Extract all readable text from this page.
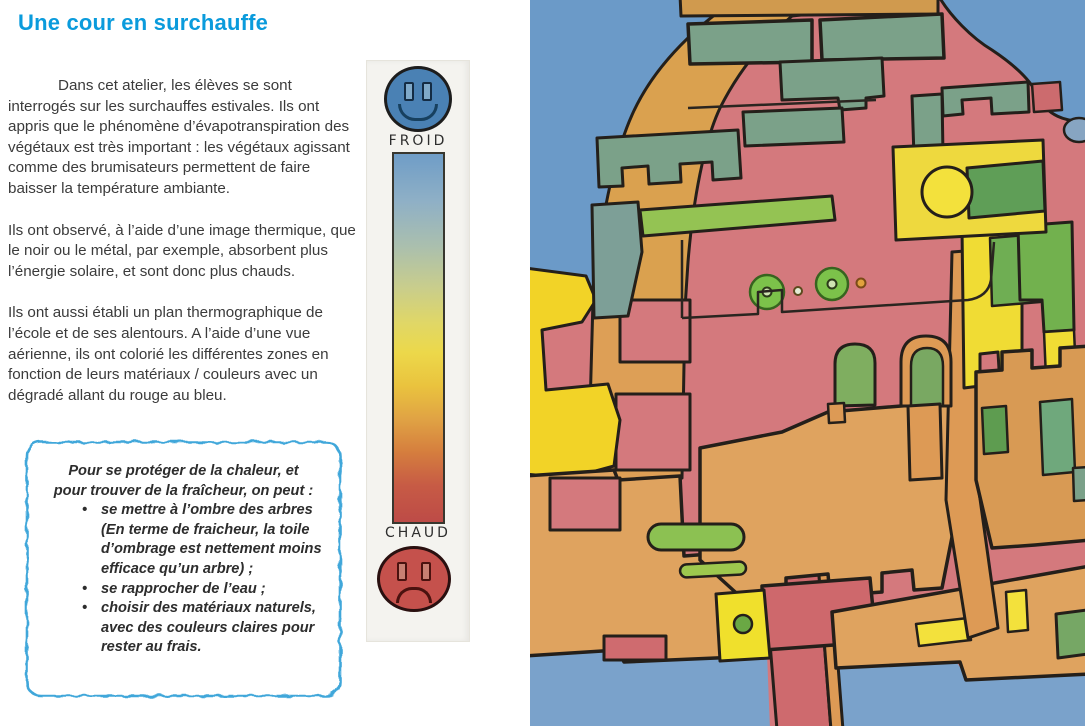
Une cour en surchauffe

Dans cet atelier, les élèves se sont interrogés sur les surchauffes estivales. Ils ont appris que le phénomène d’évapotranspiration des végétaux est très important : les végétaux agissant comme des brumisateurs permettent de faire baisser la température ambiante.

Ils ont observé, à l’aide d’une image thermique, que le noir ou le métal, par exemple, absorbent plus l’énergie solaire, et sont donc plus chauds.

Ils ont aussi établi un plan thermographique de l’école et de ses alentours. A l’aide d’une vue aérienne, ils ont colorié les différentes zones en fonction de leurs matériaux / couleurs avec un dégradé allant du rouge au bleu.

Pour se protéger de la chaleur, et
pour trouver de la fraîcheur, on peut :

• se mettre à l’ombre des arbres (En terme de fraicheur, la toile d’ombrage est nettement moins efficace qu’un arbre) ;
• se rapprocher de l’eau ;
• choisir des matériaux naturels, avec des couleurs claires pour rester au frais.
FROID
CHAUD
